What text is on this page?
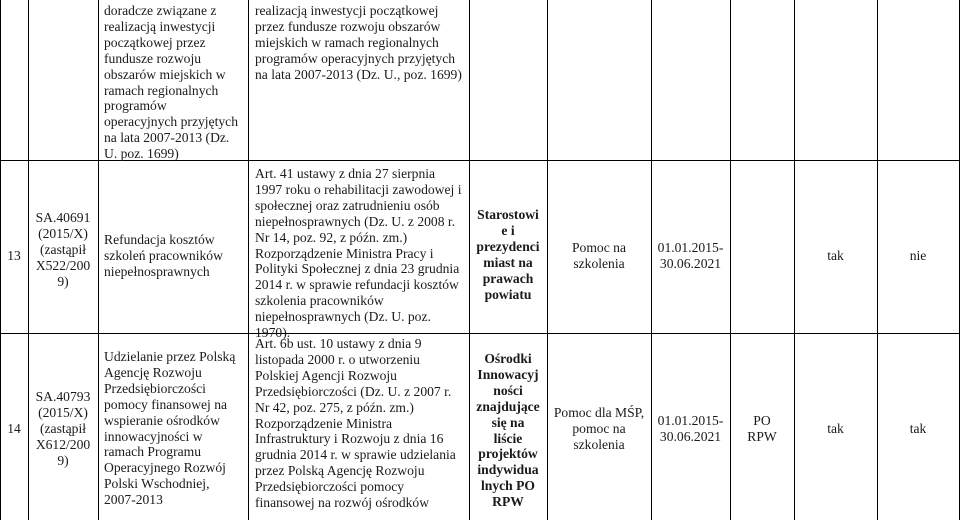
13
SA.40691
(2015/X)
(zastąpił
X522/200
9)
doradcze związane z
realizacją inwestycji
początkowej przez
fundusze rozwoju
obszarów miejskich w
ramach regionalnych
programów
operacyjnych przyjętych
na lata 2007-2013 (Dz.
U. poz. 1699)
Refundacja kosztów
szkoleń pracowników
niepełnosprawnych
realizacją inwestycji początkowej
przez fundusze rozwoju obszarów
miejskich w ramach regionalnych
programów operacyjnych przyjętych
na lata 2007-2013 (Dz. U., poz. 1699)
Art. 41 ustawy z dnia 27 sierpnia
1997 roku o rehabilitacji zawodowej i
społecznej oraz zatrudnieniu osób
niepełnosprawnych (Dz. U. z 2008 r.
Nr 14, poz. 92, z późn. zm.)
Rozporządzenie Ministra Pracy i
Polityki Społecznej z dnia 23 grudnia
2014 r. w sprawie refundacji kosztów
szkolenia pracowników
niepełnosprawnych (Dz. U. poz.
1970).
Starostowi
e i
prezydenci
miast na
prawach
powiatu
Pomoc na
szkolenia
01.01.2015-
30.06.2021
tak	nie
14
SA.40793
(2015/X)
(zastąpił
X612/200
9)
Udzielanie przez Polską
Agencję Rozwoju
Przedsiębiorczości
pomocy finansowej na
wspieranie ośrodków
innowacyjności w
ramach Programu
Operacyjnego Rozwój
Polski Wschodniej,
2007-2013
Art. 6b ust. 10 ustawy z dnia 9
listopada 2000 r. o utworzeniu
Polskiej Agencji Rozwoju
Przedsiębiorczości (Dz. U. z 2007 r.
Nr 42, poz. 275, z późn. zm.)
Rozporządzenie Ministra
Infrastruktury i Rozwoju z dnia 16
grudnia 2014 r. w sprawie udzielania
przez Polską Agencję Rozwoju
Przedsiębiorczości pomocy
finansowej na rozwój ośrodków
Ośrodki
Innowacyj
ności
znajdujące
się na
liście
projektów
indywidua
lnych PO
RPW
Pomoc dla MŚP,
pomoc na
szkolenia
01.01.2015-
30.06.2021
PO
RPW
tak	tak
